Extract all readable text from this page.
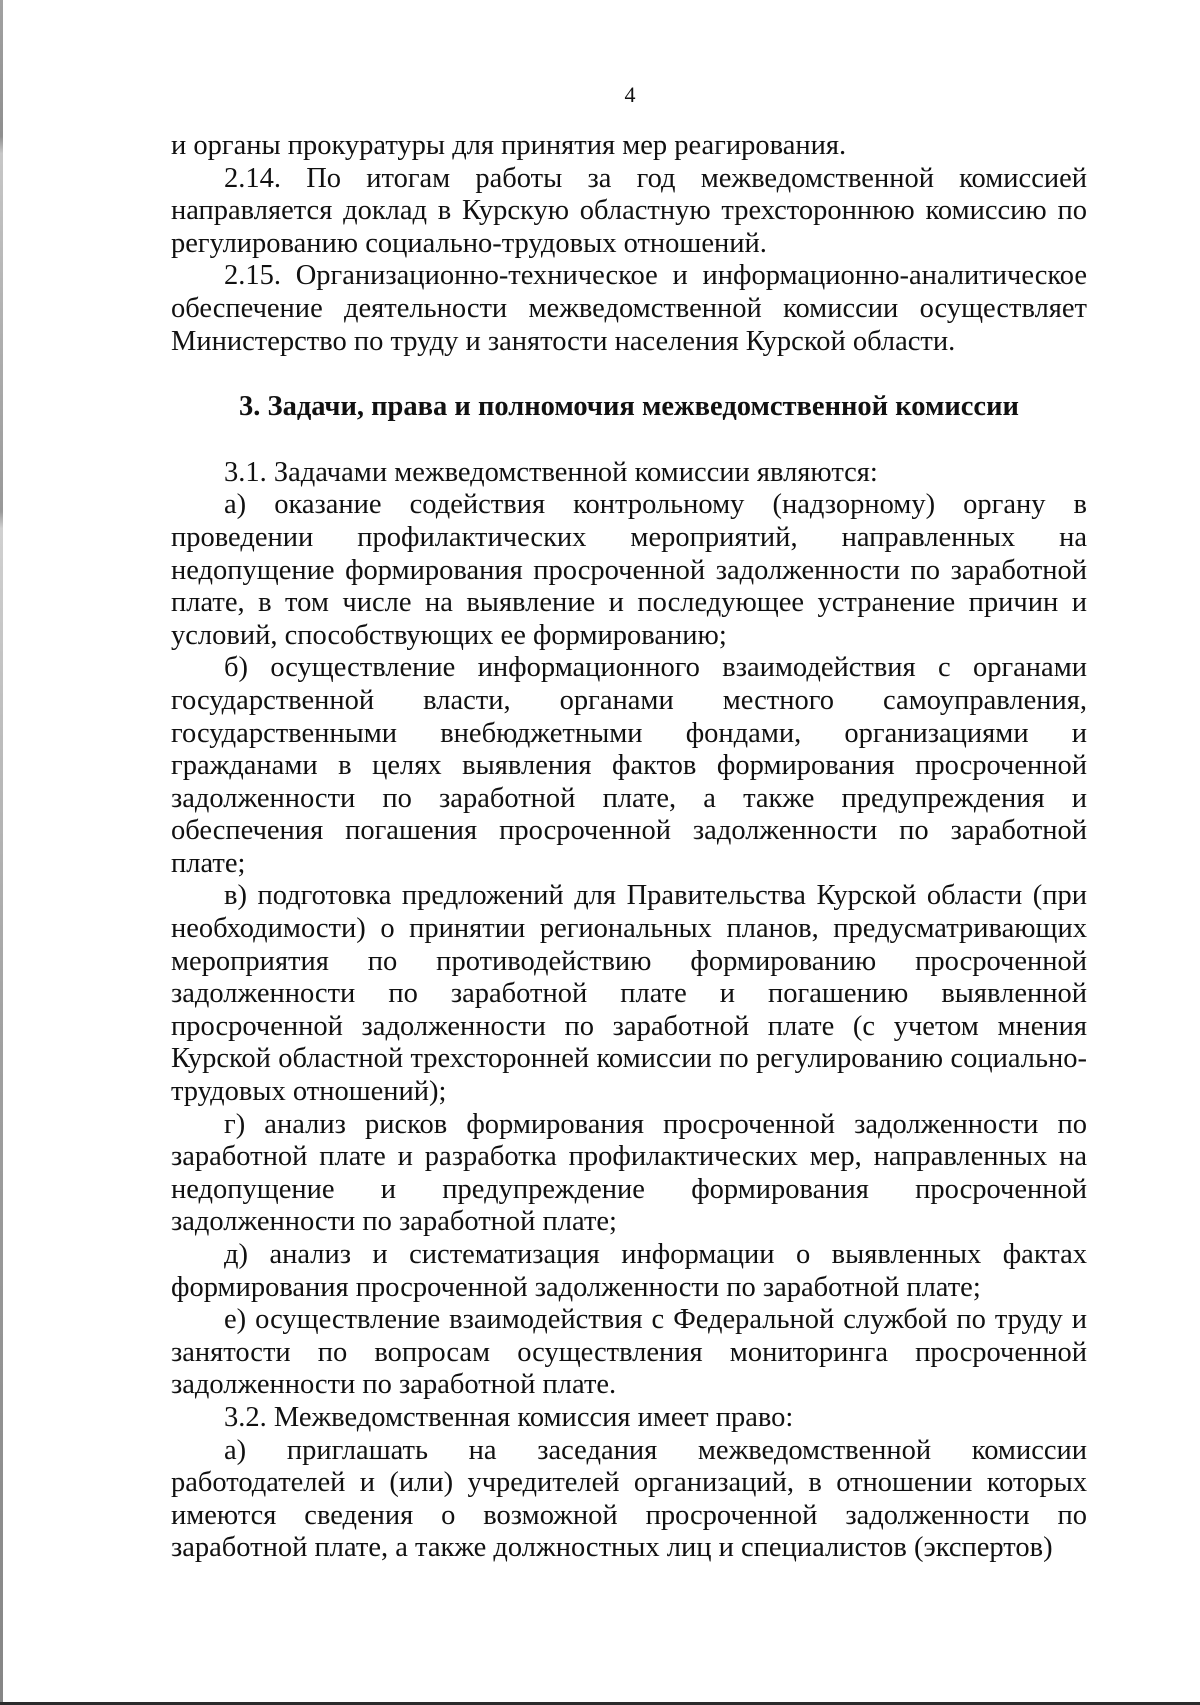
4

и органы прокуратуры для принятия мер реагирования.

2.14. По итогам работы за год межведомственной комиссией направляется доклад в Курскую областную трехстороннюю комиссию по регулированию социально-трудовых отношений.

2.15. Организационно-техническое и информационно-аналитическое обеспечение деятельности межведомственной комиссии осуществляет Министерство по труду и занятости населения Курской области.

3. Задачи, права и полномочия межведомственной комиссии

3.1. Задачами межведомственной комиссии являются:

а) оказание содействия контрольному (надзорному) органу в проведении профилактических мероприятий, направленных на недопущение формирования просроченной задолженности по заработной плате, в том числе на выявление и последующее устранение причин и условий, способствующих ее формированию;

б) осуществление информационного взаимодействия с органами государственной власти, органами местного самоуправления, государственными внебюджетными фондами, организациями и гражданами в целях выявления фактов формирования просроченной задолженности по заработной плате, а также предупреждения и обеспечения погашения просроченной задолженности по заработной плате;

в) подготовка предложений для Правительства Курской области (при необходимости) о принятии региональных планов, предусматривающих мероприятия по противодействию формированию просроченной задолженности по заработной плате и погашению выявленной просроченной задолженности по заработной плате (с учетом мнения Курской областной трехсторонней комиссии по регулированию социально-трудовых отношений);

г) анализ рисков формирования просроченной задолженности по заработной плате и разработка профилактических мер, направленных на недопущение и предупреждение формирования просроченной задолженности по заработной плате;

д) анализ и систематизация информации о выявленных фактах формирования просроченной задолженности по заработной плате;

е) осуществление взаимодействия с Федеральной службой по труду и занятости по вопросам осуществления мониторинга просроченной задолженности по заработной плате.

3.2. Межведомственная комиссия имеет право:

а) приглашать на заседания межведомственной комиссии работодателей и (или) учредителей организаций, в отношении которых имеются сведения о возможной просроченной задолженности по заработной плате, а также должностных лиц и специалистов (экспертов)
